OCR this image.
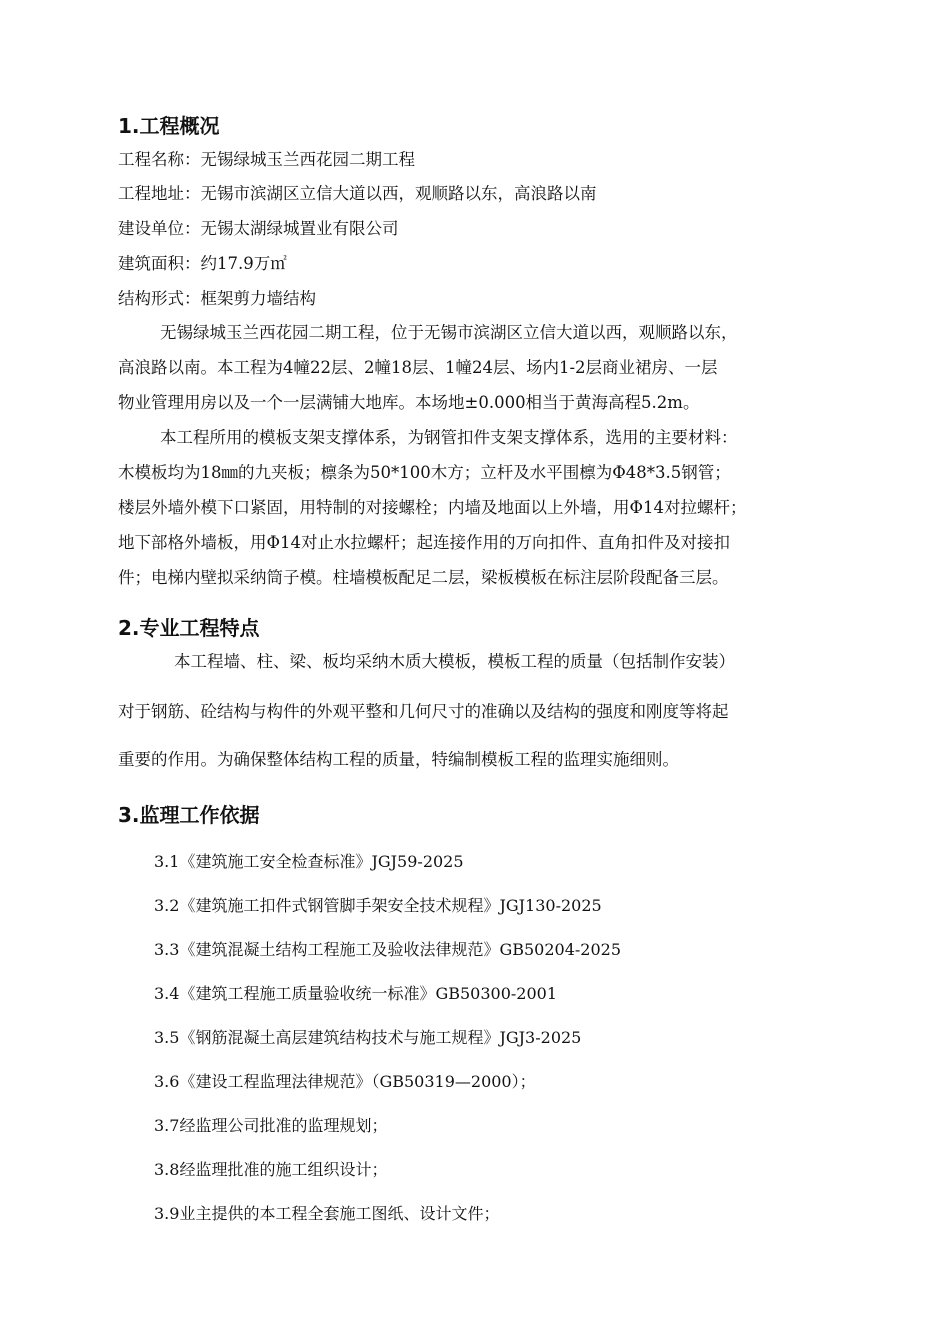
1.工程概况

工程名称：无锡绿城玉兰西花园二期工程

工程地址：无锡市滨湖区立信大道以西，观顺路以东，高浪路以南

建设单位：无锡太湖绿城置业有限公司

建筑面积：约17.9万㎡

结构形式：框架剪力墙结构

无锡绿城玉兰西花园二期工程，位于无锡市滨湖区立信大道以西，观顺路以东，

高浪路以南。本工程为4幢22层、2幢18层、1幢24层、场内1-2层商业裙房、一层

物业管理用房以及一个一层满铺大地库。本场地±0.000相当于黄海高程5.2m。

本工程所用的模板支架支撑体系，为钢管扣件支架支撑体系，选用的主要材料：

木模板均为18㎜的九夹板；檩条为50*100木方；立杆及水平围檩为Φ48*3.5钢管；

楼层外墙外模下口紧固，用特制的对接螺栓；内墙及地面以上外墙，用Φ14对拉螺杆；

地下部格外墙板，用Φ14对止水拉螺杆；起连接作用的万向扣件、直角扣件及对接扣

件；电梯内壁拟采纳筒子模。柱墙模板配足二层，梁板模板在标注层阶段配备三层。

2.专业工程特点

本工程墙、柱、梁、板均采纳木质大模板，模板工程的质量（包括制作安装）

对于钢筋、砼结构与构件的外观平整和几何尺寸的准确以及结构的强度和刚度等将起

重要的作用。为确保整体结构工程的质量，特编制模板工程的监理实施细则。

3.监理工作依据
3.1《建筑施工安全检查标准》JGJ59-2025
3.2《建筑施工扣件式钢管脚手架安全技术规程》JGJ130-2025
3.3《建筑混凝土结构工程施工及验收法律规范》GB50204-2025
3.4《建筑工程施工质量验收统一标准》GB50300-2001
3.5《钢筋混凝土高层建筑结构技术与施工规程》JGJ3-2025
3.6《建设工程监理法律规范》（GB50319—2000）；
3.7经监理公司批准的监理规划；
3.8经监理批准的施工组织设计；
3.9业主提供的本工程全套施工图纸、设计文件；
